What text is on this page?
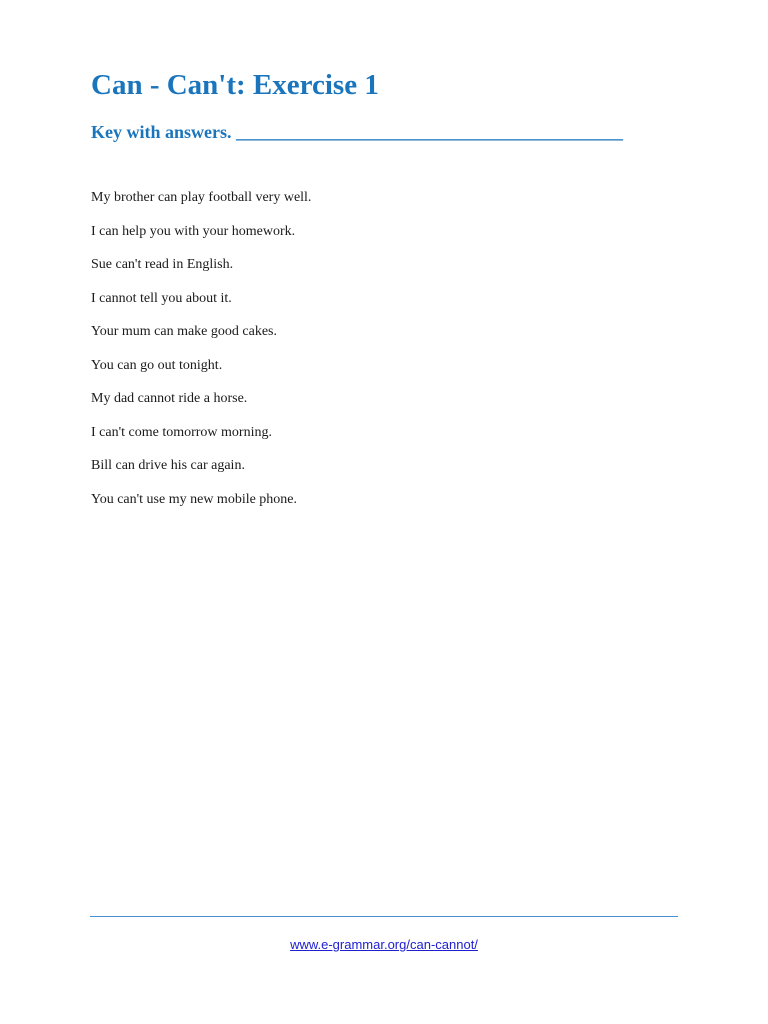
Can - Can't: Exercise 1
Key with answers. ___________________________________________
My brother can play football very well.
I can help you with your homework.
Sue can't read in English.
I cannot tell you about it.
Your mum can make good cakes.
You can go out tonight.
My dad cannot ride a horse.
I can't come tomorrow morning.
Bill can drive his car again.
You can't use my new mobile phone.
www.e-grammar.org/can-cannot/
